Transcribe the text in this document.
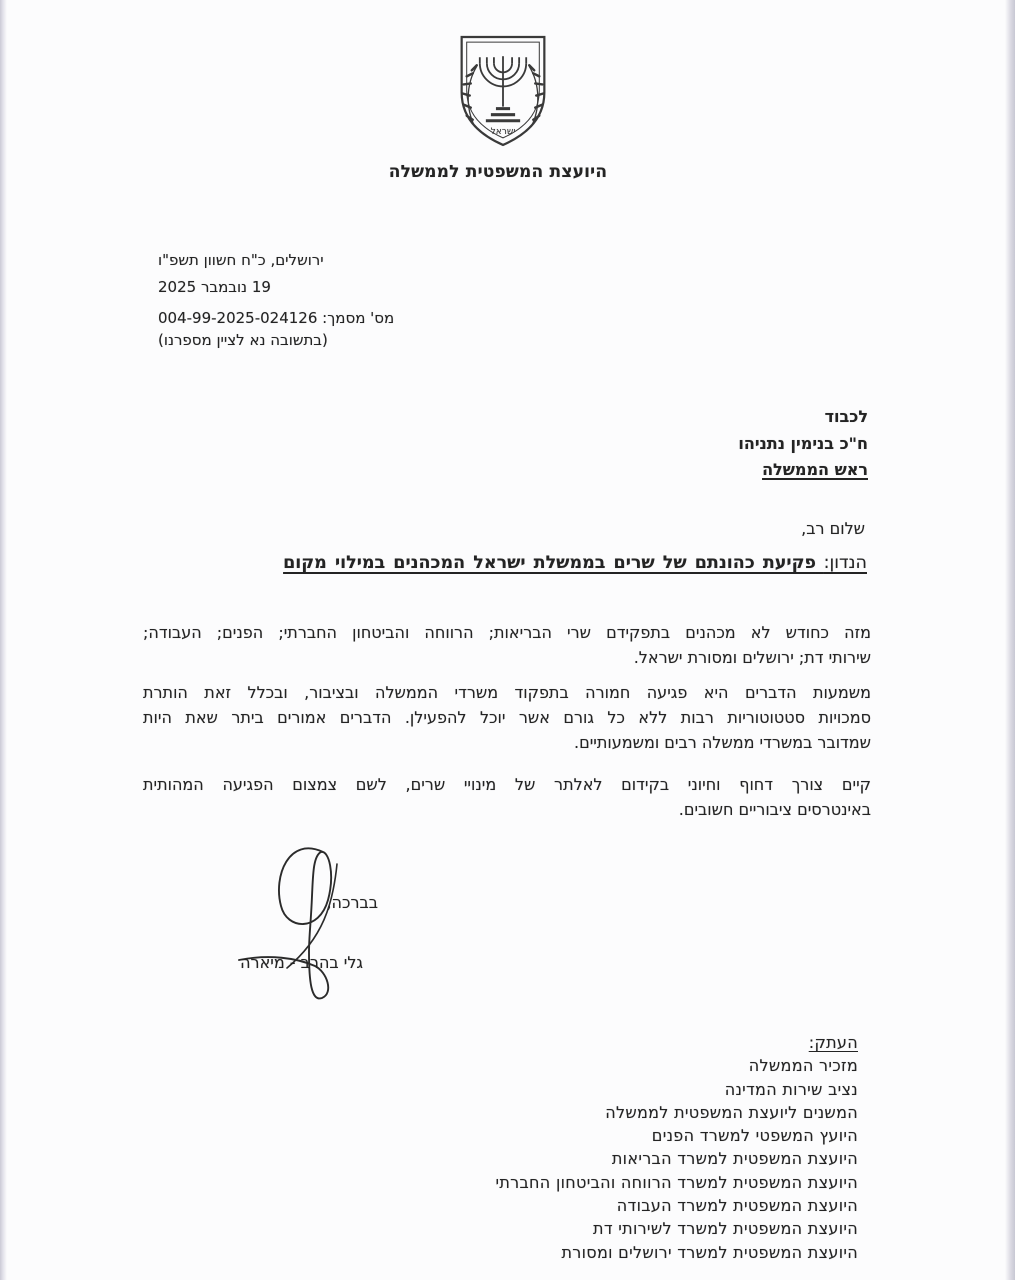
ישראל
היועצת המשפטית לממשלה
ירושלים, כ"ח חשוון תשפ"ו
19 נובמבר 2025
מס' מסמך: 004-99-2025-024126
(בתשובה נא לציין מספרנו)
לכבוד
ח"כ בנימין נתניהו
ראש הממשלה
שלום רב,
הנדון: פקיעת כהונתם של שרים בממשלת ישראל המכהנים במילוי מקום
מזה כחודש לא מכהנים בתפקידם שרי הבריאות; הרווחה והביטחון החברתי; הפנים; העבודה;
שירותי דת; ירושלים ומסורת ישראל.
משמעות הדברים היא פגיעה חמורה בתפקוד משרדי הממשלה ובציבור, ובכלל זאת הותרת
סמכויות סטטוטוריות רבות ללא כל גורם אשר יוכל להפעילן. הדברים אמורים ביתר שאת היות
שמדובר במשרדי ממשלה רבים ומשמעותיים.
קיים צורך דחוף וחיוני בקידום לאלתר של מינויי שרים, לשם צמצום הפגיעה המהותית
באינטרסים ציבוריים חשובים.
בברכה,
גלי בהרב - מיארה
העתק:
מזכיר הממשלה
נציב שירות המדינה
המשנים ליועצת המשפטית לממשלה
היועץ המשפטי למשרד הפנים
היועצת המשפטית למשרד הבריאות
היועצת המשפטית למשרד הרווחה והביטחון החברתי
היועצת המשפטית למשרד העבודה
היועצת המשפטית למשרד לשירותי דת
היועצת המשפטית למשרד ירושלים ומסורת
